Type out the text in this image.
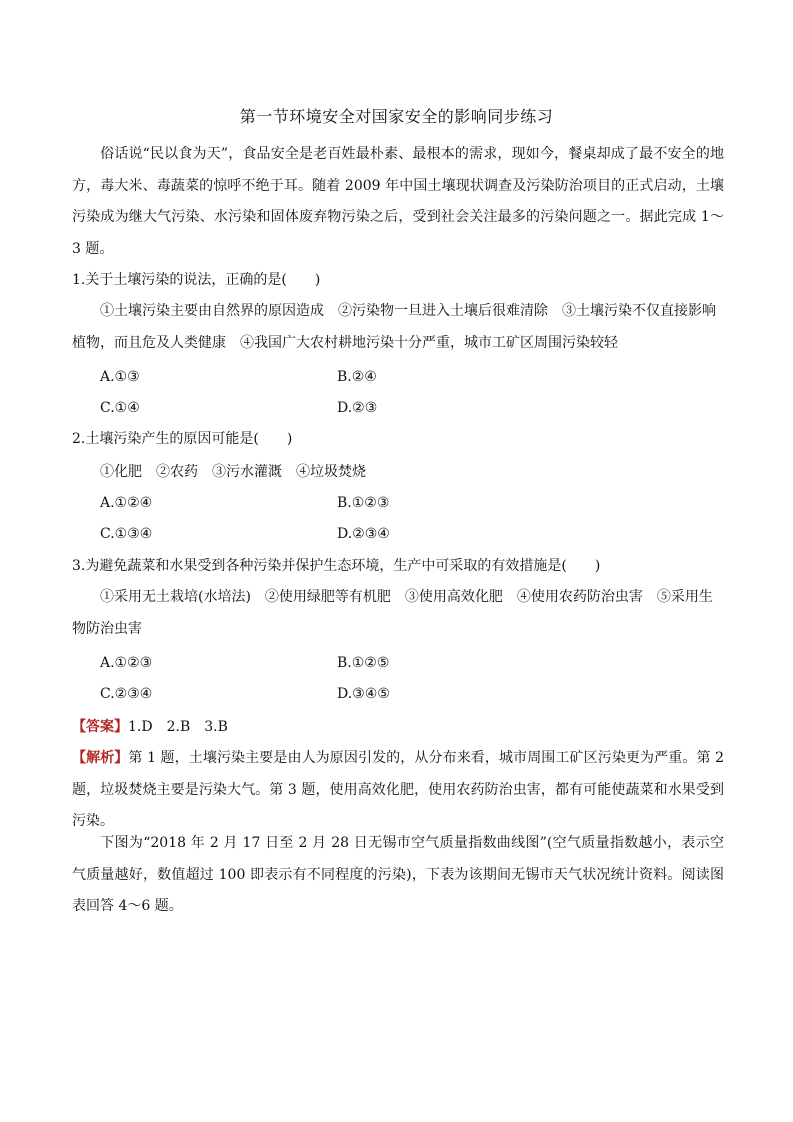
第一节环境安全对国家安全的影响同步练习
俗话说“民以食为天”，食品安全是老百姓最朴素、最根本的需求，现如今，餐桌却成了最不安全的地方，毒大米、毒蔬菜的惊呼不绝于耳。随着 2009 年中国土壤现状调查及污染防治项目的正式启动，土壤污染成为继大气污染、水污染和固体废弃物污染之后，受到社会关注最多的污染问题之一。据此完成 1～3 题。
1.关于土壤污染的说法，正确的是(　　)
①土壤污染主要由自然界的原因造成　②污染物一旦进入土壤后很难清除　③土壤污染不仅直接影响植物，而且危及人类健康　④我国广大农村耕地污染十分严重，城市工矿区周围污染较轻
A.①③	B.②④
C.①④	D.②③
2.土壤污染产生的原因可能是(　　)
①化肥　②农药　③污水灌溉　④垃圾焚烧
A.①②④	B.①②③
C.①③④	D.②③④
3.为避免蔬菜和水果受到各种污染并保护生态环境，生产中可采取的有效措施是(　　)
①采用无土栽培(水培法)　②使用绿肥等有机肥　③使用高效化肥　④使用农药防治虫害　⑤采用生物防治虫害
A.①②③	B.①②⑤
C.②③④	D.③④⑤
【答案】1.D　2.B　3.B
【解析】第 1 题，土壤污染主要是由人为原因引发的，从分布来看，城市周围工矿区污染更为严重。第 2 题，垃圾焚烧主要是污染大气。第 3 题，使用高效化肥，使用农药防治虫害，都有可能使蔬菜和水果受到污染。
下图为“2018 年 2 月 17 日至 2 月 28 日无锡市空气质量指数曲线图”(空气质量指数越小，表示空气质量越好，数值超过 100 即表示有不同程度的污染)，下表为该期间无锡市天气状况统计资料。阅读图表回答 4～6 题。
